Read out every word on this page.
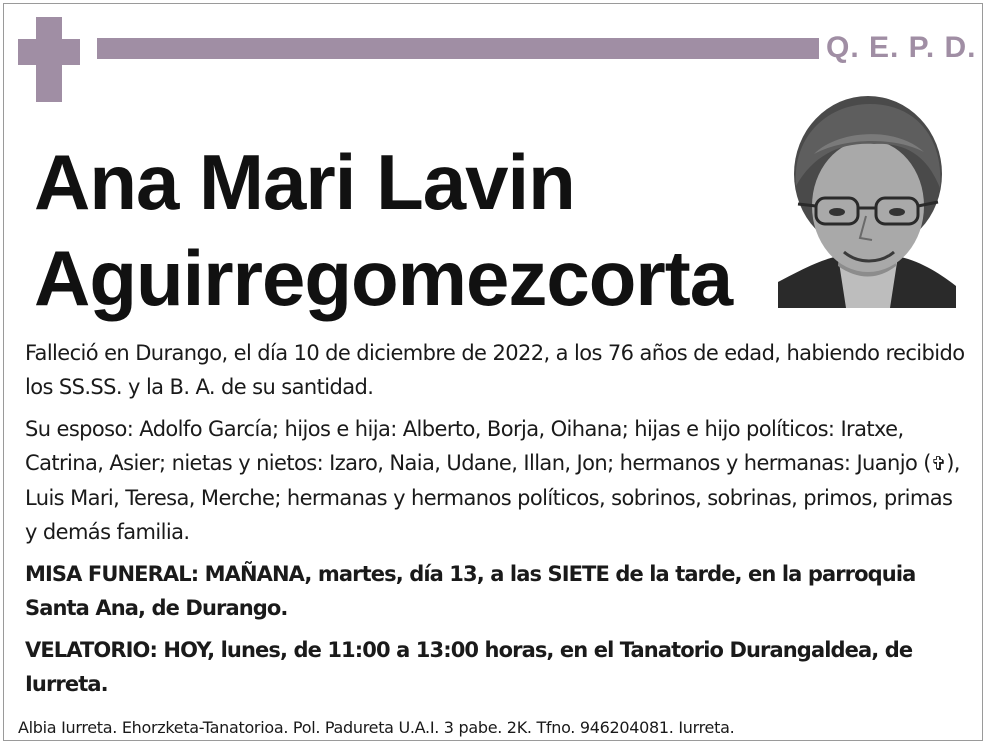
Q. E. P. D.
Ana Mari Lavin
Aguirregomezcorta

Falleció en Durango, el día 10 de diciembre de 2022, a los 76 años de edad, habiendo recibido los SS.SS. y la B. A. de su santidad.

Su esposo: Adolfo García; hijos e hija: Alberto, Borja, Oihana; hijas e hijo políticos: Iratxe, Catrina, Asier; nietas y nietos: Izaro, Naia, Udane, Illan, Jon; hermanos y hermanas: Juanjo (✞), Luis Mari, Teresa, Merche; hermanas y hermanos políticos, sobrinos, sobrinas, primos, primas y demás familia.

MISA FUNERAL: MAÑANA, martes, día 13, a las SIETE de la tarde, en la parroquia Santa Ana, de Durango.

VELATORIO: HOY, lunes, de 11:00 a 13:00 horas, en el Tanatorio Durangaldea, de Iurreta.

Albia Iurreta. Ehorzketa-Tanatorioa. Pol. Padureta U.A.I. 3 pabe. 2K. Tfno. 946204081. Iurreta.
